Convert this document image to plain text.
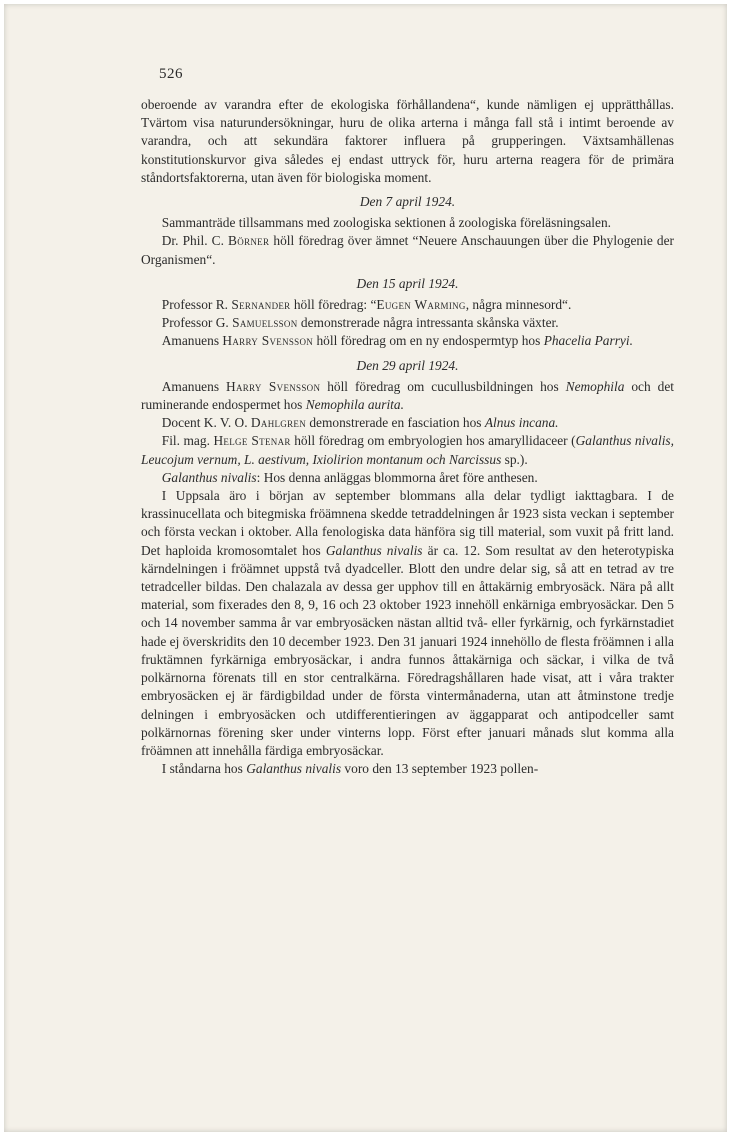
526

oberoende av varandra efter de ekologiska förhållandena“, kunde nämligen ej upprätthållas. Tvärtom visa naturundersökningar, huru de olika arterna i många fall stå i intimt beroende av varandra, och att sekundära faktorer influera på grupperingen. Växtsamhällenas konstitutionskurvor giva således ej endast uttryck för, huru arterna reagera för de primära ståndortsfaktorerna, utan även för biologiska moment.

Den 7 april 1924.

Sammanträde tillsammans med zoologiska sektionen å zoologiska föreläsningsalen.

Dr. Phil. C. Börner höll föredrag över ämnet “Neuere Anschauungen über die Phylogenie der Organismen“.

Den 15 april 1924.

Professor R. Sernander höll föredrag: “Eugen Warming, några minnesord“.

Professor G. Samuelsson demonstrerade några intressanta skånska växter.

Amanuens Harry Svensson höll föredrag om en ny endospermtyp hos Phacelia Parryi.

Den 29 april 1924.

Amanuens Harry Svensson höll föredrag om cucullusbildningen hos Nemophila och det ruminerande endospermet hos Nemophila aurita.

Docent K. V. O. Dahlgren demonstrerade en fasciation hos Alnus incana.

Fil. mag. Helge Stenar höll föredrag om embryologien hos amaryllidaceer (Galanthus nivalis, Leucojum vernum, L. aestivum, Ixiolirion montanum och Narcissus sp.).

Galanthus nivalis: Hos denna anläggas blommorna året före anthesen.

I Uppsala äro i början av september blommans alla delar tydligt iakttagbara. I de krassinucellata och bitegmiska fröämnena skedde tetraddelningen år 1923 sista veckan i september och första veckan i oktober. Alla fenologiska data hänföra sig till material, som vuxit på fritt land. Det haploida kromosomtalet hos Galanthus nivalis är ca. 12. Som resultat av den heterotypiska kärndelningen i fröämnet uppstå två dyadceller. Blott den undre delar sig, så att en tetrad av tre tetradceller bildas. Den chalazala av dessa ger upphov till en åttakärnig embryosäck. Nära på allt material, som fixerades den 8, 9, 16 och 23 oktober 1923 innehöll enkärniga embryosäckar. Den 5 och 14 november samma år var embryosäcken nästan alltid två- eller fyrkärnig, och fyrkärnstadiet hade ej överskridits den 10 december 1923. Den 31 januari 1924 innehöllo de flesta fröämnen i alla fruktämnen fyrkärniga embryosäckar, i andra funnos åttakärniga och säckar, i vilka de två polkärnorna förenats till en stor centralkärna. Föredragshållaren hade visat, att i våra trakter embryosäcken ej är färdigbildad under de första vintermånaderna, utan att åtminstone tredje delningen i embryosäcken och utdifferentieringen av äggapparat och antipodceller samt polkärnornas förening sker under vinterns lopp. Först efter januari månads slut komma alla fröämnen att innehålla färdiga embryosäckar.

I ståndarna hos Galanthus nivalis voro den 13 september 1923 pollen-
